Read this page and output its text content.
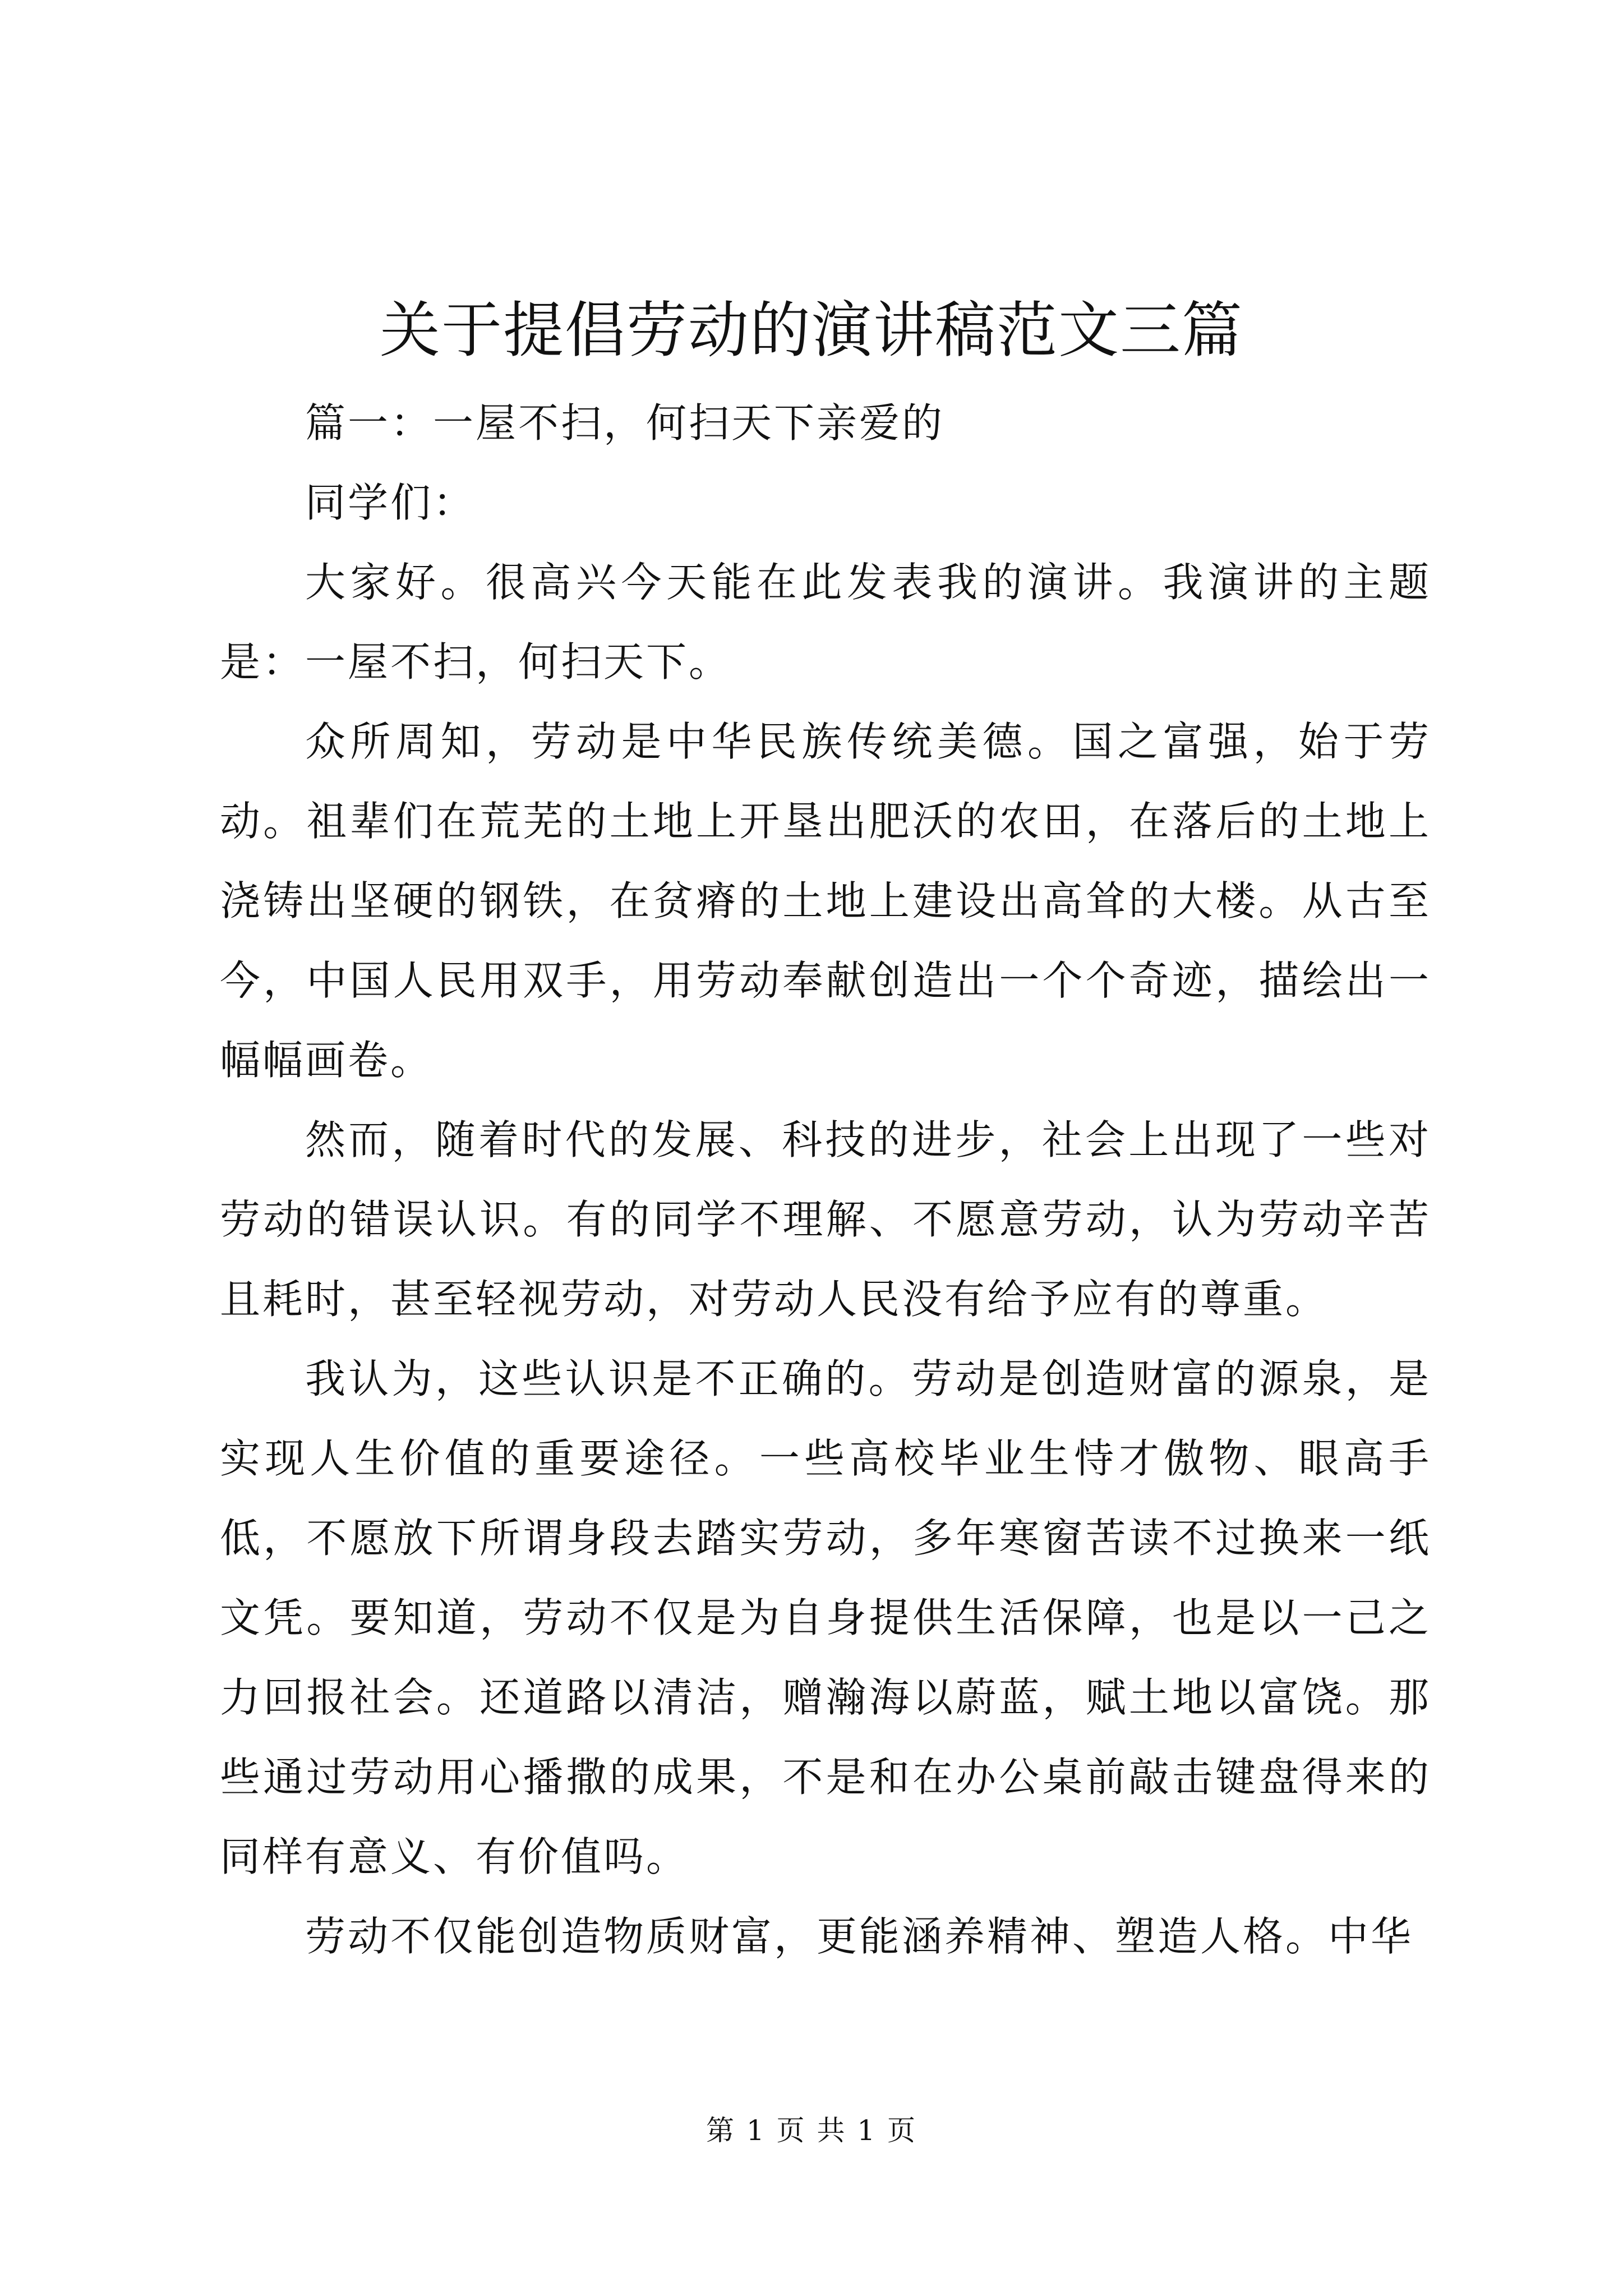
关于提倡劳动的演讲稿范文三篇

篇一：一屋不扫，何扫天下亲爱的

同学们：

大家好。很高兴今天能在此发表我的演讲。我演讲的主题是：一屋不扫，何扫天下。

众所周知，劳动是中华民族传统美德。国之富强，始于劳动。祖辈们在荒芜的土地上开垦出肥沃的农田，在落后的土地上浇铸出坚硬的钢铁，在贫瘠的土地上建设出高耸的大楼。从古至今，中国人民用双手，用劳动奉献创造出一个个奇迹，描绘出一幅幅画卷。

然而，随着时代的发展、科技的进步，社会上出现了一些对劳动的错误认识。有的同学不理解、不愿意劳动，认为劳动辛苦且耗时，甚至轻视劳动，对劳动人民没有给予应有的尊重。

我认为，这些认识是不正确的。劳动是创造财富的源泉，是实现人生价值的重要途径。一些高校毕业生恃才傲物、眼高手低，不愿放下所谓身段去踏实劳动，多年寒窗苦读不过换来一纸文凭。要知道，劳动不仅是为自身提供生活保障，也是以一己之力回报社会。还道路以清洁，赠瀚海以蔚蓝，赋土地以富饶。那些通过劳动用心播撒的成果，不是和在办公桌前敲击键盘得来的同样有意义、有价值吗。

劳动不仅能创造物质财富，更能涵养精神、塑造人格。中华

第 1 页 共 1 页
